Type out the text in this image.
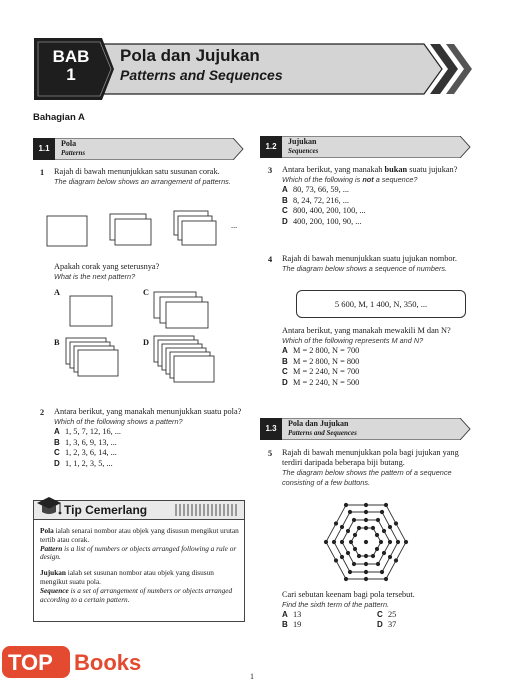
BAB
1
Pola dan Jujukan
Patterns and Sequences
Bahagian A
1.1
Pola
Patterns
1 Rajah di bawah menunjukkan satu susunan corak.
The diagram below shows an arrangement of patterns.
...
Apakah corak yang seterusnya?
What is the next pattern?
A	C
B	D
2 Antara berikut, yang manakah menunjukkan suatu pola?
Which of the following shows a pattern?
A 1, 5, 7, 12, 16, ...
B 1, 3, 6, 9, 13, ...
C 1, 2, 3, 6, 14, ...
D 1, 1, 2, 3, 5, ...
Tip Cemerlang
Pola ialah senarai nombor atau objek yang disusun mengikut urutan tertib atau corak.
Pattern is a list of numbers or objects arranged following a rule or design.
Jujukan ialah set susunan nombor atau objek yang disusun mengikut suatu pola.
Sequence is a set of arrangement of numbers or objects arranged according to a certain pattern.
1.2
Jujukan
Sequences
3 Antara berikut, yang manakah bukan suatu jujukan?
Which of the following is not a sequence?
A 80, 73, 66, 59, ...
B 8, 24, 72, 216, ...
C 800, 400, 200, 100, ...
D 400, 200, 100, 90, ...
4 Rajah di bawah menunjukkan suatu jujukan nombor.
The diagram below shows a sequence of numbers.
5 600, M, 1 400, N, 350, ...
Antara berikut, yang manakah mewakili M dan N?
Which of the following represents M and N?
A M = 2 800, N = 700
B M = 2 800, N = 800
C M = 2 240, N = 700
D M = 2 240, N = 500
1.3
Pola dan Jujukan
Patterns and Sequences
5 Rajah di bawah menunjukkan pola bagi jujukan yang terdiri daripada beberapa biji butang.
The diagram below shows the pattern of a sequence consisting of a few buttons.
Cari sebutan keenam bagi pola tersebut.
Find the sixth term of the pattern.
A 13	C 25
B 19	D 37
1
TOP Books
